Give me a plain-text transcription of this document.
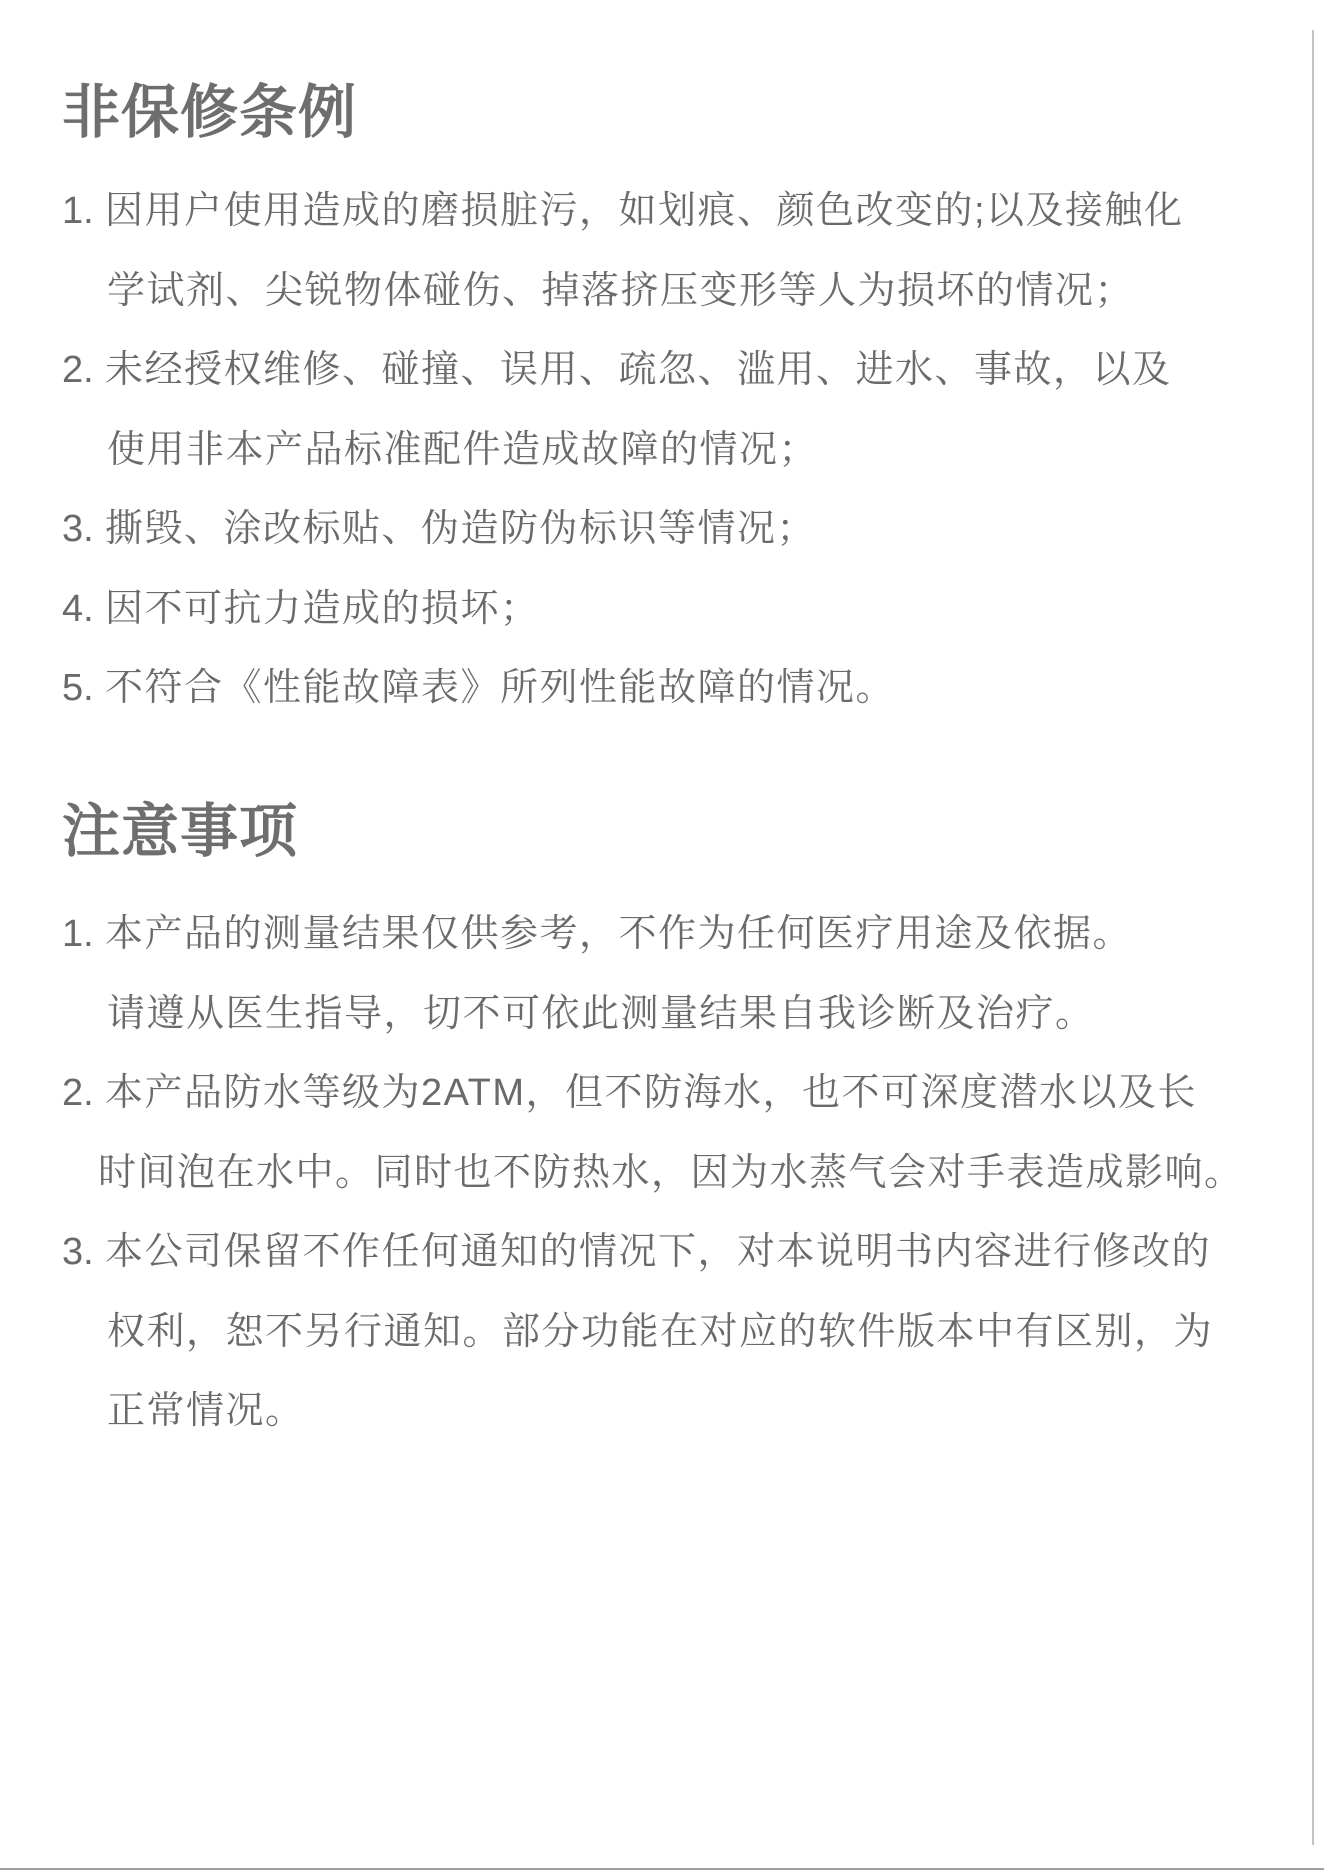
非保修条例
1. 因用户使用造成的磨损脏污，如划痕、颜色改变的;以及接触化
学试剂、尖锐物体碰伤、掉落挤压变形等人为损坏的情况；
2. 未经授权维修、碰撞、误用、疏忽、滥用、进水、事故，以及
使用非本产品标准配件造成故障的情况；
3. 撕毁、涂改标贴、伪造防伪标识等情况；
4. 因不可抗力造成的损坏；
5. 不符合《性能故障表》所列性能故障的情况。
注意事项
1. 本产品的测量结果仅供参考，不作为任何医疗用途及依据。
请遵从医生指导，切不可依此测量结果自我诊断及治疗。
2. 本产品防水等级为2ATM，但不防海水，也不可深度潜水以及长
时间泡在水中。同时也不防热水，因为水蒸气会对手表造成影响。
3. 本公司保留不作任何通知的情况下，对本说明书内容进行修改的
权利，恕不另行通知。部分功能在对应的软件版本中有区别，为
正常情况。
